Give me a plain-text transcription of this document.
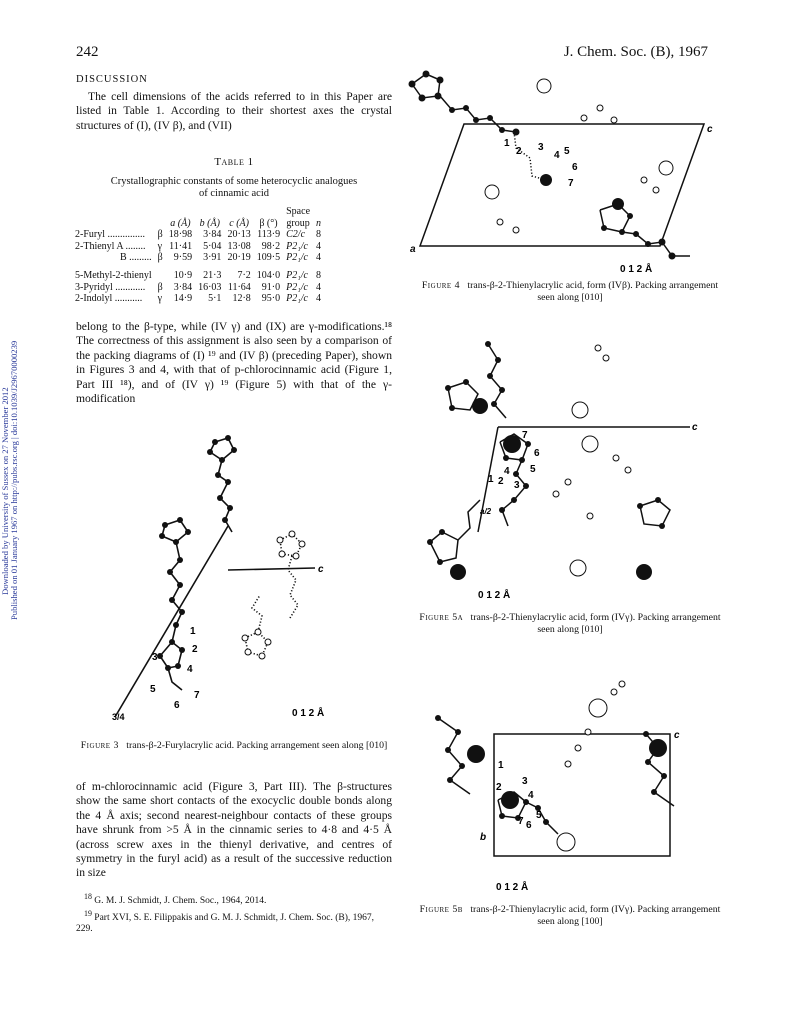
242	J. Chem. Soc. (B), 1967
Published on 01 January 1967 on http://pubs.rsc.org | doi:10.1039/J29670000239
Downloaded by University of Sussex on 27 November 2012
DISCUSSION
The cell dimensions of the acids referred to in this Paper are listed in Table 1. According to their shortest axes the crystal structures of (I), (IV β), and (VII)
Table 1
Crystallographic constants of some heterocyclic analogues
of cinnamic acid
						Space	
		a (Å)	b (Å)	c (Å)	β (°)	group	n
2-Furyl ...............	β	18·98	3·84	20·13	113·9	C2/c	8
2-Thienyl A ........	γ	11·41	5·04	13·08	98·2	P2₁/c	4
B .........	β	9·59	3·91	20·19	109·5	P2₁/c	4
5-Methyl-2-thienyl		10·9	21·3	7·2	104·0	P2₁/c	8
3-Pyridyl ............	β	3·84	16·03	11·64	91·0	P2₁/c	4
2-Indolyl ...........	γ	14·9	5·1	12·8	95·0	P2₁/c	4
belong to the β-type, while (IV γ) and (IX) are γ-modifications.¹⁸ The correctness of this assignment is also seen by a comparison of the packing diagrams of (I) ¹⁹ and (IV β) (preceding Paper), shown in Figures 3 and 4, with that of p-chlorocinnamic acid (Figure 1, Part III ¹⁸), and of (IV γ) ¹⁹ (Figure 5) with that of the γ-modification
1
2
3
4
5
6
7
c
3/4	0 1 2 Å
Figure 3 trans-β-2-Furylacrylic acid. Packing arrangement seen along [010]
of m-chlorocinnamic acid (Figure 3, Part III). The β-structures show the same short contacts of the exocyclic double bonds along the 4 Å axis; second nearest-neighbour contacts of these groups have shrunk from >5 Å in the cinnamic series to 4·8 and 4·5 Å (across screw axes in the thienyl derivative, and centres of symmetry in the furyl acid) as a result of the successive reduction in size
$^{18}$ G. M. J. Schmidt, J. Chem. Soc., 1964, 2014.
$^{19}$ Part XVI, S. E. Filippakis and G. M. J. Schmidt, J. Chem. Soc. (B), 1967, 229.
1
2 3
4 5
6
7
c
a
0 1 2 Å
Figure 4 trans-β-2-Thienylacrylic acid, form (IVβ). Packing arrangement seen along [010]
1 2 3
4 5
6
7
c
a/2
0 1 2 Å
Figure 5a trans-β-2-Thienylacrylic acid, form (IVγ). Packing arrangement seen along [010]
1
2
3
4
5
6
7
c
b
0 1 2 Å
Figure 5b trans-β-2-Thienylacrylic acid, form (IVγ). Packing arrangement seen along [100]
